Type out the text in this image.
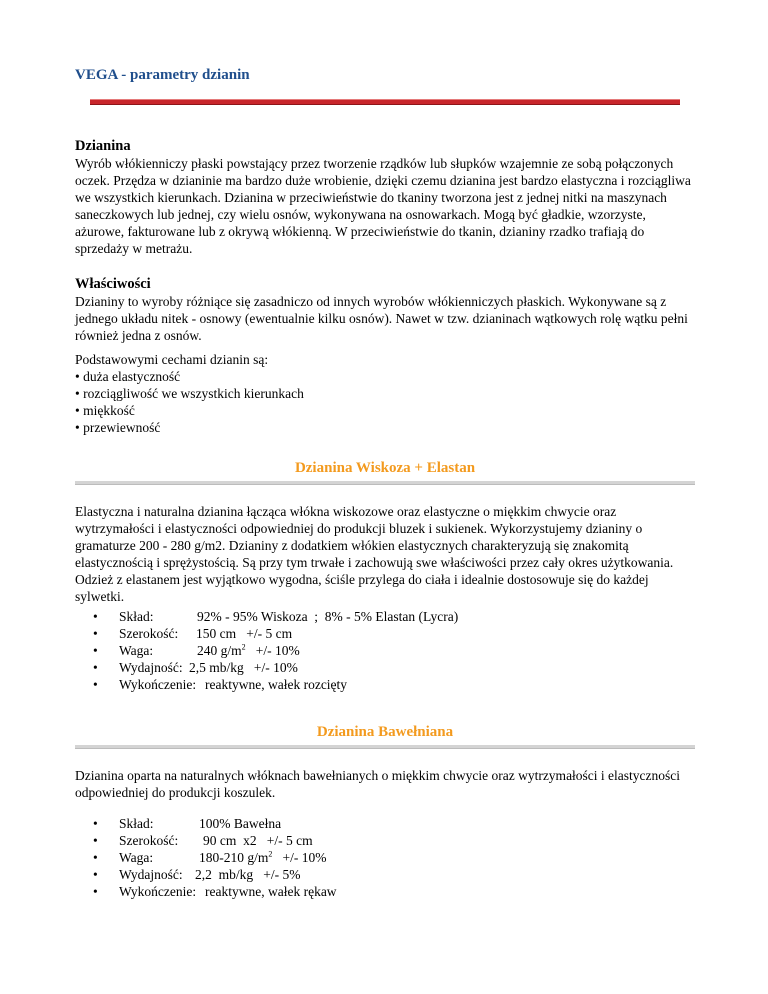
VEGA - parametry dzianin
Dzianina

Wyrób włókienniczy płaski powstający przez tworzenie rządków lub słupków wzajemnie ze sobą połączonych oczek. Przędza w dzianinie ma bardzo duże wrobienie, dzięki czemu dzianina jest bardzo elastyczna i rozciągliwa we wszystkich kierunkach. Dzianina w przeciwieństwie do tkaniny tworzona jest z jednej nitki na maszynach saneczkowych lub jednej, czy wielu osnów, wykonywana na osnowarkach. Mogą być gładkie, wzorzyste, ażurowe, fakturowane lub z okrywą włókienną. W przeciwieństwie do tkanin, dzianiny rzadko trafiają do sprzedaży w metrażu.

Właściwości

Dzianiny to wyroby różniące się zasadniczo od innych wyrobów włókienniczych płaskich. Wykonywane są z jednego układu nitek - osnowy (ewentualnie kilku osnów). Nawet w tzw. dzianinach wątkowych rolę wątku pełni również jedna z osnów.

Podstawowymi cechami dzianin są:
• duża elastyczność
• rozciągliwość we wszystkich kierunkach
• miękkość
• przewiewność
Dzianina Wiskoza + Elastan

Elastyczna i naturalna dzianina łącząca włókna wiskozowe oraz elastyczne o miękkim chwycie oraz wytrzymałości i elastyczności odpowiedniej do produkcji bluzek i sukienek. Wykorzystujemy dzianiny o gramaturze 200 - 280 g/m2. Dzianiny z dodatkiem włókien elastycznych charakteryzują się znakomitą elastycznością i sprężystością. Są przy tym trwałe i zachowują swe właściwości przez cały okres użytkowania. Odzież z elastanem jest wyjątkowo wygodna, ściśle przylega do ciała i idealnie dostosowuje się do każdej sylwetki.

•	Skład:	92% - 95% Wiskoza  ;  8% - 5% Elastan (Lycra)
•	Szerokość:	150 cm   +/- 5 cm
•	Waga:	240 $g/m^2$   +/- 10%
•	Wydajność: 2,5 mb/kg   +/- 10%
•	Wykończenie: reaktywne, wałek rozcięty
Dzianina Bawełniana

Dzianina oparta na naturalnych włóknach bawełnianych o miękkim chwycie oraz wytrzymałości i elastyczności odpowiedniej do produkcji koszulek.

•	Skład:	100% Bawełna
•	Szerokość:	90 cm  x2   +/- 5 cm
•	Waga:	180-210 $g/m^2$   +/- 10%
•	Wydajność: 2,2  mb/kg   +/- 5%
•	Wykończenie: reaktywne, wałek rękaw
